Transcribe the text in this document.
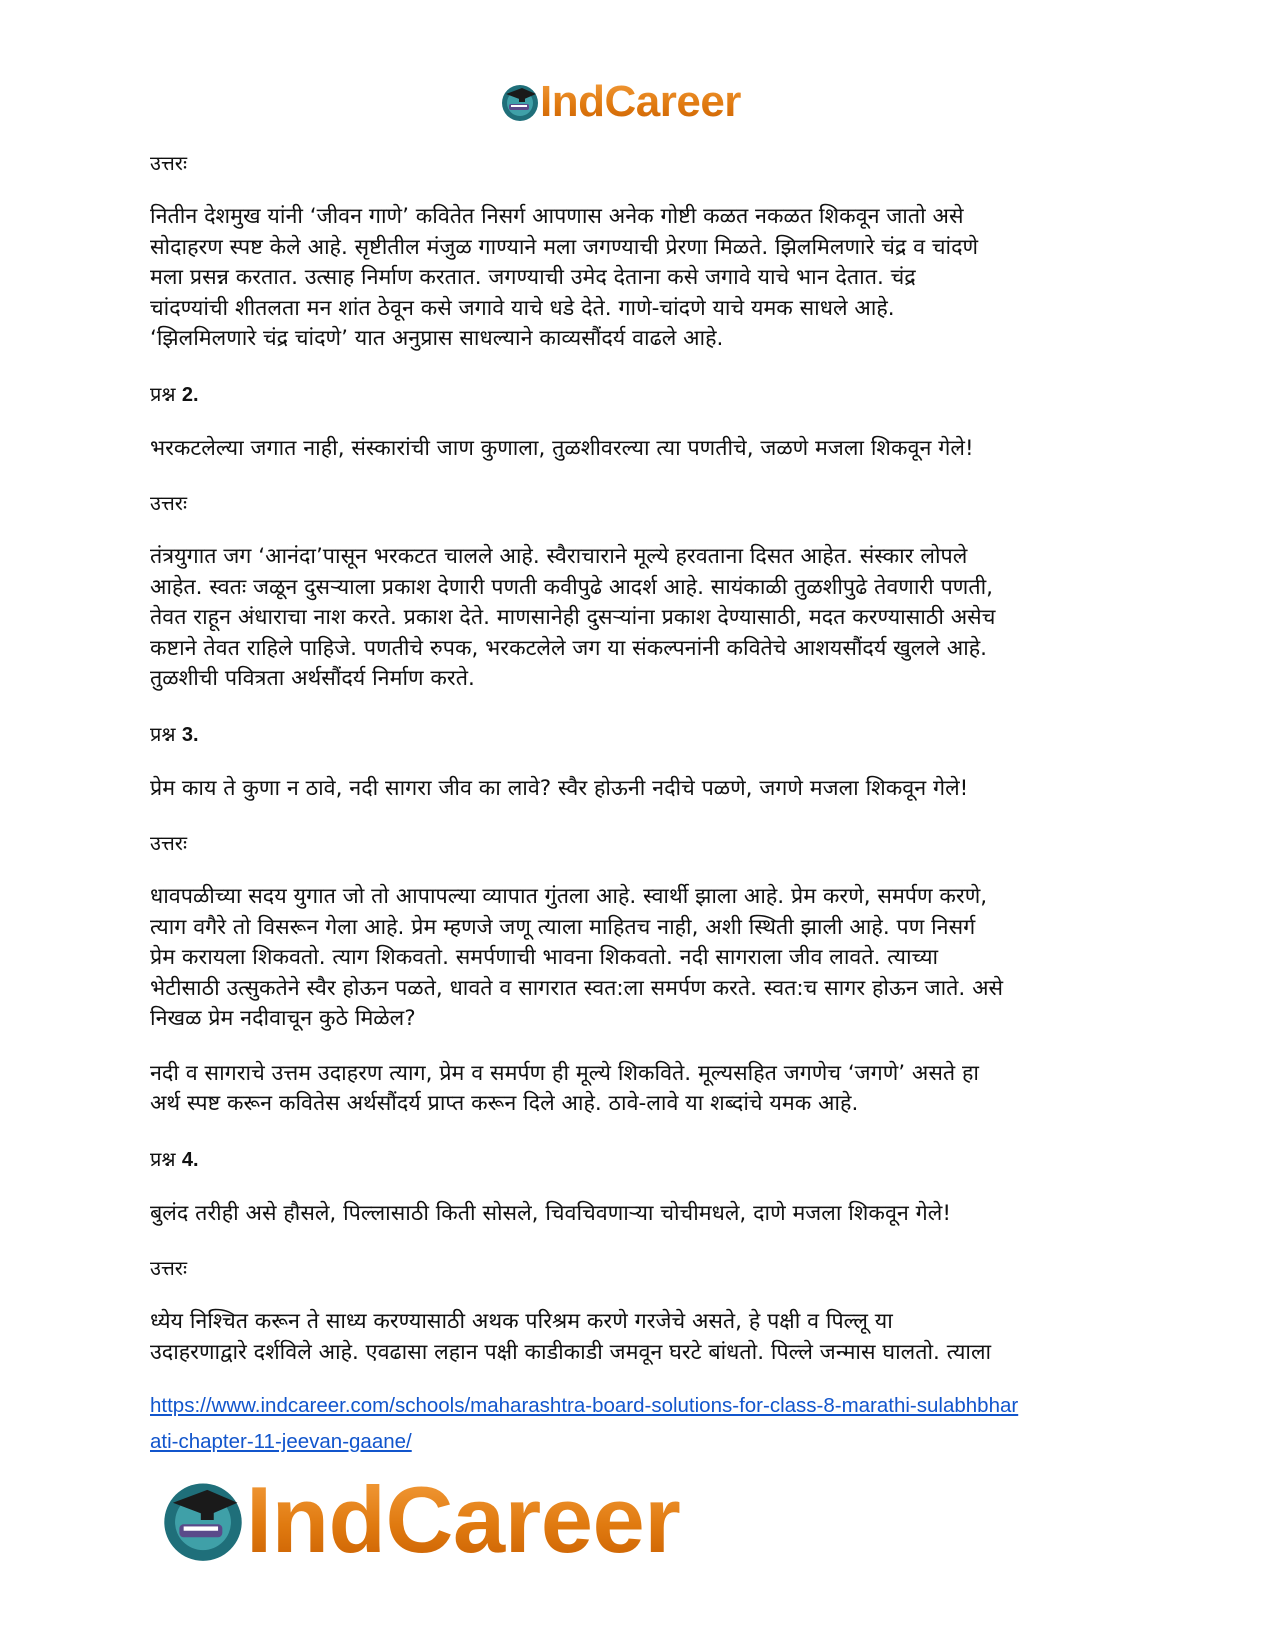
IndCareer
उत्तरः
नितीन देशमुख यांनी ‘जीवन गाणे’ कवितेत निसर्ग आपणास अनेक गोष्टी कळत नकळत शिकवून जातो असे
सोदाहरण स्पष्ट केले आहे. सृष्टीतील मंजुळ गाण्याने मला जगण्याची प्रेरणा मिळते. झिलमिलणारे चंद्र व चांदणे
मला प्रसन्न करतात. उत्साह निर्माण करतात. जगण्याची उमेद देताना कसे जगावे याचे भान देतात. चंद्र
चांदण्यांची शीतलता मन शांत ठेवून कसे जगावे याचे धडे देते. गाणे-चांदणे याचे यमक साधले आहे.
‘झिलमिलणारे चंद्र चांदणे’ यात अनुप्रास साधल्याने काव्यसौंदर्य वाढले आहे.
प्रश्न 2.
भरकटलेल्या जगात नाही, संस्कारांची जाण कुणाला, तुळशीवरल्या त्या पणतीचे, जळणे मजला शिकवून गेले!
उत्तरः
तंत्रयुगात जग ‘आनंदा’पासून भरकटत चालले आहे. स्वैराचाराने मूल्ये हरवताना दिसत आहेत. संस्कार लोपले
आहेत. स्वतः जळून दुसऱ्याला प्रकाश देणारी पणती कवीपुढे आदर्श आहे. सायंकाळी तुळशीपुढे तेवणारी पणती,
तेवत राहून अंधाराचा नाश करते. प्रकाश देते. माणसानेही दुसऱ्यांना प्रकाश देण्यासाठी, मदत करण्यासाठी असेच
कष्टाने तेवत राहिले पाहिजे. पणतीचे रुपक, भरकटलेले जग या संकल्पनांनी कवितेचे आशयसौंदर्य खुलले आहे.
तुळशीची पवित्रता अर्थसौंदर्य निर्माण करते.
प्रश्न 3.
प्रेम काय ते कुणा न ठावे, नदी सागरा जीव का लावे? स्वैर होऊनी नदीचे पळणे, जगणे मजला शिकवून गेले!
उत्तरः
धावपळीच्या सदय युगात जो तो आपापल्या व्यापात गुंतला आहे. स्वार्थी झाला आहे. प्रेम करणे, समर्पण करणे,
त्याग वगैरे तो विसरून गेला आहे. प्रेम म्हणजे जणू त्याला माहितच नाही, अशी स्थिती झाली आहे. पण निसर्ग
प्रेम करायला शिकवतो. त्याग शिकवतो. समर्पणाची भावना शिकवतो. नदी सागराला जीव लावते. त्याच्या
भेटीसाठी उत्सुकतेने स्वैर होऊन पळते, धावते व सागरात स्वत:ला समर्पण करते. स्वत:च सागर होऊन जाते. असे
निखळ प्रेम नदीवाचून कुठे मिळेल?
नदी व सागराचे उत्तम उदाहरण त्याग, प्रेम व समर्पण ही मूल्ये शिकविते. मूल्यसहित जगणेच ‘जगणे’ असते हा
अर्थ स्पष्ट करून कवितेस अर्थसौंदर्य प्राप्त करून दिले आहे. ठावे-लावे या शब्दांचे यमक आहे.
प्रश्न 4.
बुलंद तरीही असे हौसले, पिल्लासाठी किती सोसले, चिवचिवणाऱ्या चोचीमधले, दाणे मजला शिकवून गेले!
उत्तरः
ध्येय निश्चित करून ते साध्य करण्यासाठी अथक परिश्रम करणे गरजेचे असते, हे पक्षी व पिल्लू या
उदाहरणाद्वारे दर्शविले आहे. एवढासा लहान पक्षी काडीकाडी जमवून घरटे बांधतो. पिल्ले जन्मास घालतो. त्याला
https://www.indcareer.com/schools/maharashtra-board-solutions-for-class-8-marathi-sulabhbhar
ati-chapter-11-jeevan-gaane/
IndCareer
